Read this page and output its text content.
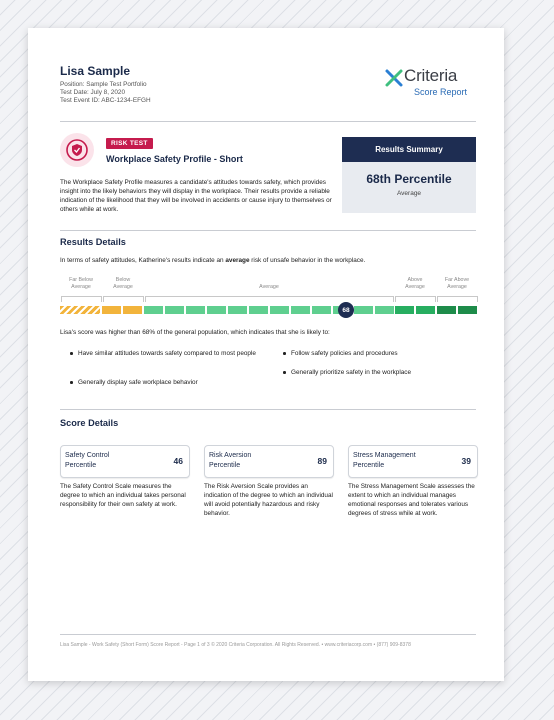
Lisa Sample
Position: Sample Test Portfolio
Test Date: July 8, 2020
Test Event ID: ABC-1234-EFGH
Criteria
Score Report
RISK TEST
Workplace Safety Profile - Short
The Workplace Safety Profile measures a candidate's attitudes towards safety, which provides insight into the likely behaviors they will display in the workplace. Their results provide a reliable indication of the likelihood that they will be involved in accidents or cause injury to themselves or others while at work.
Results Summary
68th Percentile
Average
Results Details
In terms of safety attitudes, Katherine's results indicate an average risk of unsafe behavior in the workplace.
Far Below
Average
Below
Average	Average
Above
Average
Far Above
Average
68
Lisa's score was higher than 68% of the general population, which indicates that she is likely to:
Have similar attitudes towards safety compared to most people
Generally display safe workplace behavior
Follow safety policies and procedures
Generally prioritize safety in the workplace
Score Details
Safety Control
Percentile	46
Risk Aversion
Percentile	89
Stress Management
Percentile	39
The Safety Control Scale measures the degree to which an individual takes personal responsibility for their own safety at work.
The Risk Aversion Scale provides an indication of the degree to which an individual will avoid potentially hazardous and risky behavior.
The Stress Management Scale assesses the extent to which an individual manages emotional responses and tolerates various degrees of stress while at work.
Lisa Sample - Work Safety (Short Form) Score Report - Page 1 of 3 © 2020 Criteria Corporation. All Rights Reserved. • www.criteriacorp.com • (877) 909-8378
